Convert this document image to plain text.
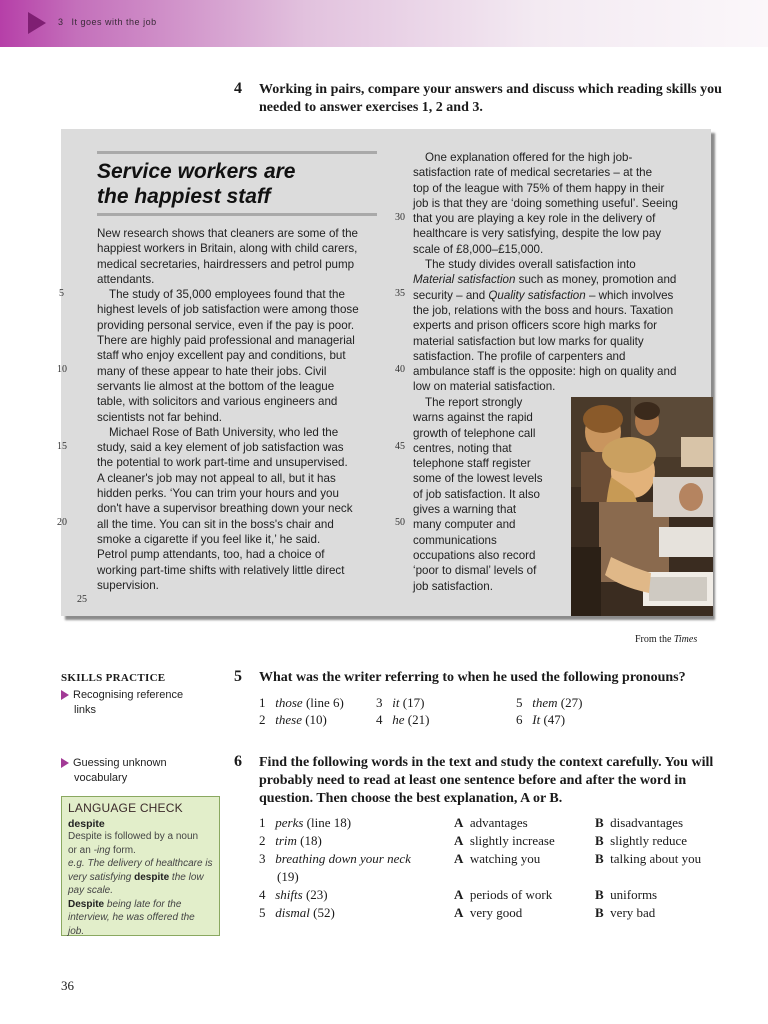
3 It goes with the job
4 Working in pairs, compare your answers and discuss which reading skills you
needed to answer exercises 1, 2 and 3.
Service workers are
the happiest staff

New research shows that cleaners are some of the

happiest workers in Britain, along with child carers,

medical secretaries, hairdressers and petrol pump

attendants.

The study of 35,000 employees found that the

highest levels of job satisfaction were among those

providing personal service, even if the pay is poor.

There are highly paid professional and managerial

staff who enjoy excellent pay and conditions, but

many of these appear to hate their jobs. Civil

servants lie almost at the bottom of the league

table, with solicitors and various engineers and

scientists not far behind.

Michael Rose of Bath University, who led the

study, said a key element of job satisfaction was

the potential to work part-time and unsupervised.

A cleaner's job may not appeal to all, but it has

hidden perks. ‘You can trim your hours and you

don't have a supervisor breathing down your neck

all the time. You can sit in the boss's chair and

smoke a cigarette if you feel like it,’ he said.

Petrol pump attendants, too, had a choice of

working part-time shifts with relatively little direct

supervision.

5
10
15
20
25

One explanation offered for the high job-

satisfaction rate of medical secretaries – at the

top of the league with 75% of them happy in their

job is that they are ‘doing something useful’. Seeing

that you are playing a key role in the delivery of

healthcare is very satisfying, despite the low pay

scale of £8,000–£15,000.

The study divides overall satisfaction into

Material satisfaction such as money, promotion and

security – and Quality satisfaction – which involves

the job, relations with the boss and hours. Taxation

experts and prison officers score high marks for

material satisfaction but low marks for quality

satisfaction. The profile of carpenters and

ambulance staff is the opposite: high on quality and

low on material satisfaction.

The report strongly

warns against the rapid

growth of telephone call

centres, noting that

telephone staff register

some of the lowest levels

of job satisfaction. It also

gives a warning that

many computer and

communications

occupations also record

‘poor to dismal’ levels of

job satisfaction.

30
35
40
45
50
From the Times
SKILLS PRACTICE
Recognising reference
links
Guessing unknown
vocabulary
LANGUAGE CHECK
despite
Despite is followed by a noun
or an -ing form.
e.g. The delivery of healthcare is
very satisfying despite the low
pay scale.
Despite being late for the
interview, he was offered the job.
5 What was the writer referring to when he used the following pronouns?
1 those (line 6)
2 these (10)
3 it (17)
4 he (21)
5 them (27)
6 It (47)
6 Find the following words in the text and study the context carefully. You will
probably need to read at least one sentence before and after the word in
question. Then choose the best explanation, A or B.
1 perks (line 18)	A advantages	B disadvantages
2 trim (18)	A slightly increase	B slightly reduce
3 breathing down your neck
(19)
A watching you	B talking about you
4 shifts (23)	A periods of work	B uniforms
5 dismal (52)	A very good	B very bad
36
